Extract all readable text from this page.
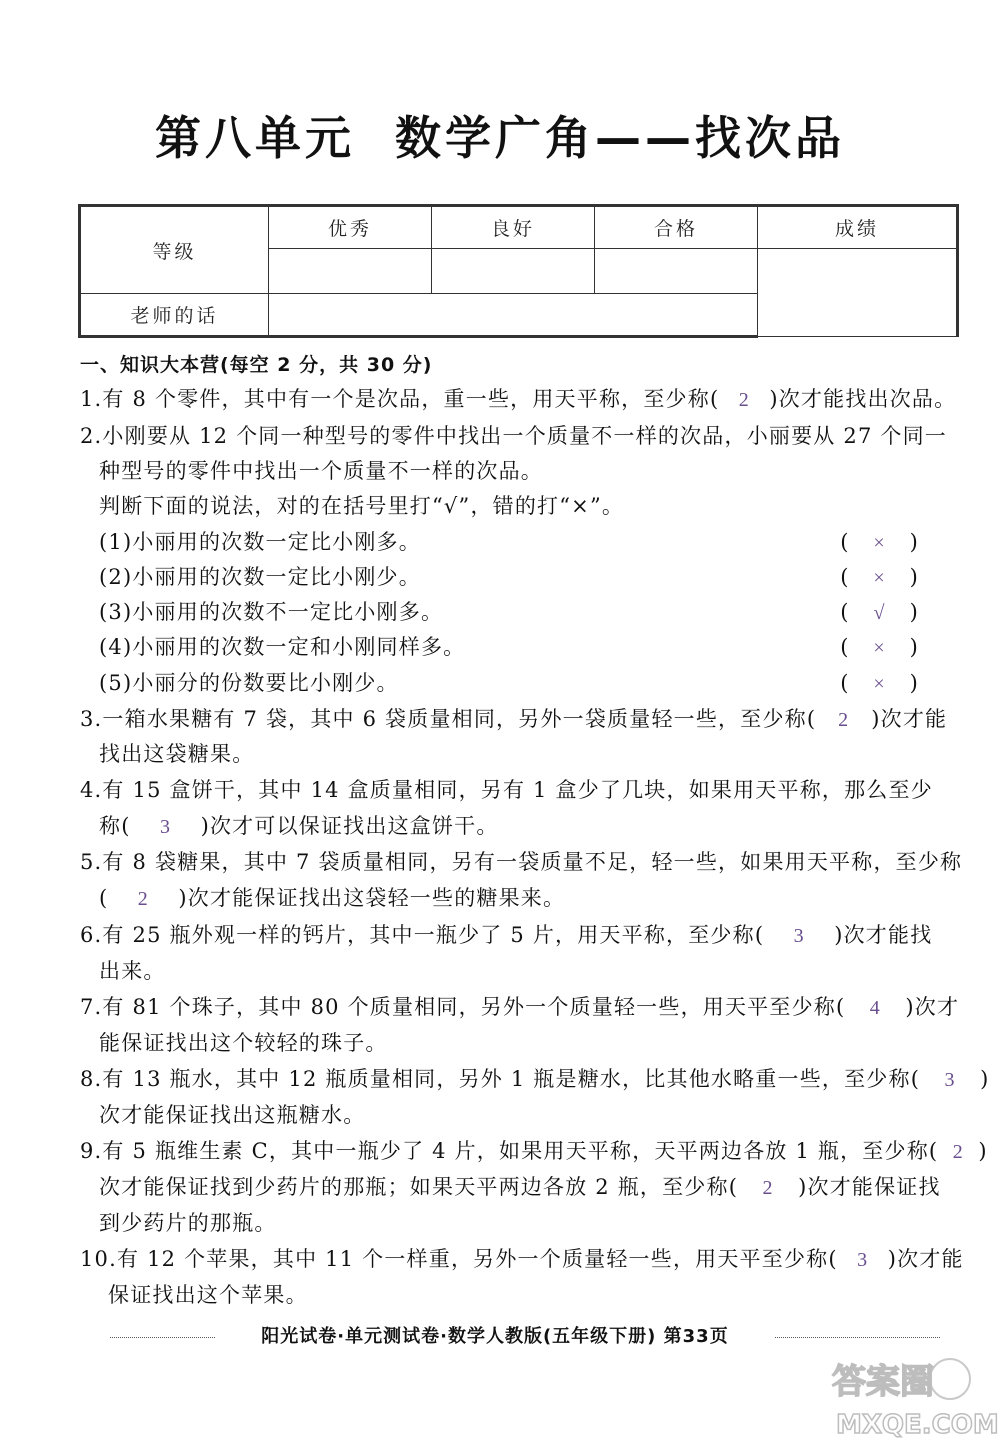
第八单元 数学广角——找次品
等级	优秀	良好	合格	成绩

老师的话				
一、知识大本营(每空 2 分，共 30 分)
1.有 8 个零件，其中有一个是次品，重一些，用天平称，至少称( 2 )次才能找出次品。
2.小刚要从 12 个同一种型号的零件中找出一个质量不一样的次品，小丽要从 27 个同一
种型号的零件中找出一个质量不一样的次品。
判断下面的说法，对的在括号里打“√”，错的打“×”。
(1)小丽用的次数一定比小刚多。	( × )
(2)小丽用的次数一定比小刚少。	( × )
(3)小丽用的次数不一定比小刚多。	( √ )
(4)小丽用的次数一定和小刚同样多。	( × )
(5)小丽分的份数要比小刚少。	( × )
3.一箱水果糖有 7 袋，其中 6 袋质量相同，另外一袋质量轻一些，至少称( 2 )次才能
找出这袋糖果。
4.有 15 盒饼干，其中 14 盒质量相同，另有 1 盒少了几块，如果用天平称，那么至少
称( 3 )次才可以保证找出这盒饼干。
5.有 8 袋糖果，其中 7 袋质量相同，另有一袋质量不足，轻一些，如果用天平称，至少称
( 2 )次才能保证找出这袋轻一些的糖果来。
6.有 25 瓶外观一样的钙片，其中一瓶少了 5 片，用天平称，至少称( 3 )次才能找
出来。
7.有 81 个珠子，其中 80 个质量相同，另外一个质量轻一些，用天平至少称( 4 )次才
能保证找出这个较轻的珠子。
8.有 13 瓶水，其中 12 瓶质量相同，另外 1 瓶是糖水，比其他水略重一些，至少称( 3 )
次才能保证找出这瓶糖水。
9.有 5 瓶维生素 C，其中一瓶少了 4 片，如果用天平称，天平两边各放 1 瓶，至少称( 2 )
次才能保证找到少药片的那瓶；如果天平两边各放 2 瓶，至少称( 2 )次才能保证找
到少药片的那瓶。
10.有 12 个苹果，其中 11 个一样重，另外一个质量轻一些，用天平至少称( 3 )次才能
保证找出这个苹果。
阳光试卷·单元测试卷·数学人教版(五年级下册) 第33页
答案圈
MXQE.COM
